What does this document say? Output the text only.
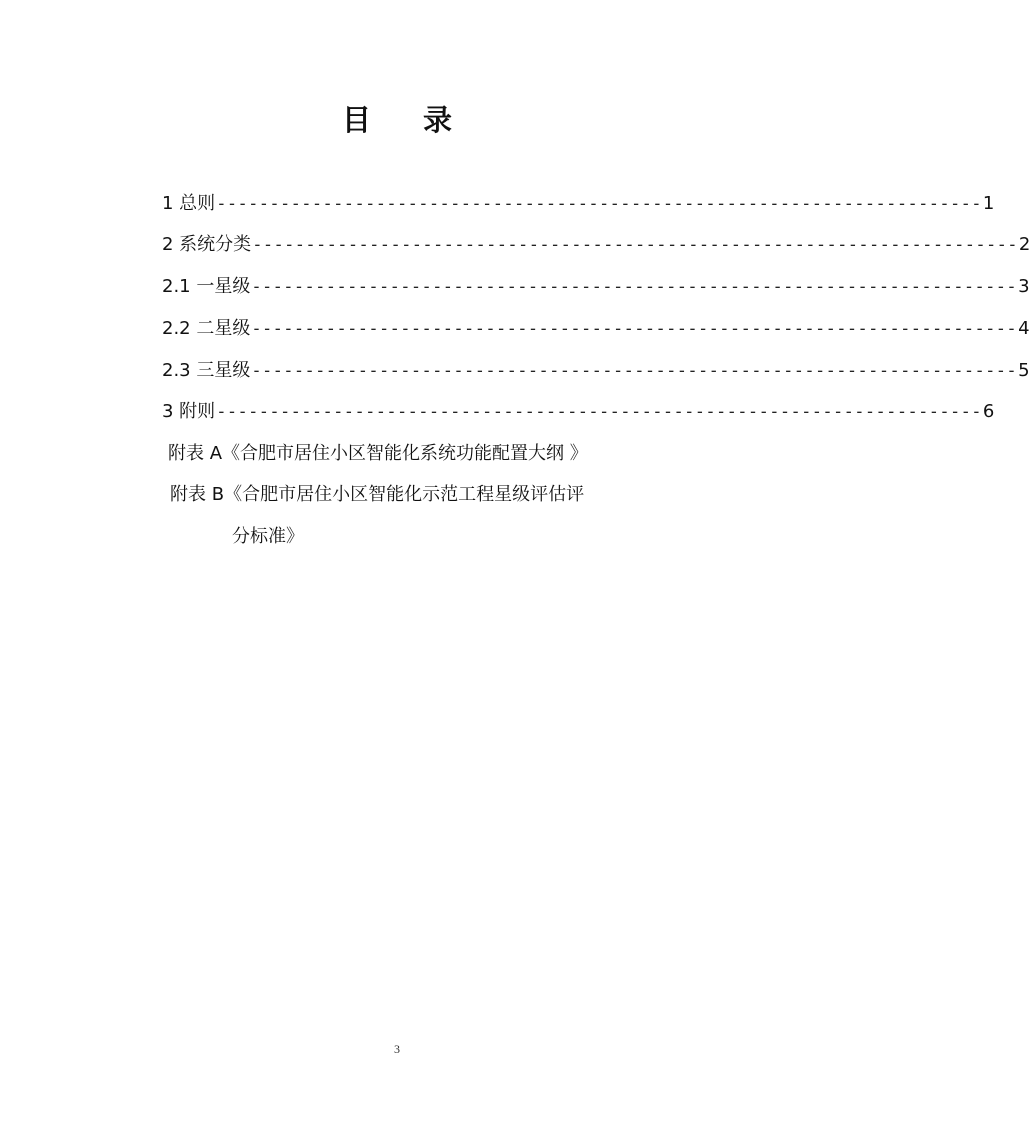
目 录
1 总则 ------------------------------------------------------------------------ 1
2 系统分类 ------------------------------------------------------------------------ 2
2.1 一星级 ------------------------------------------------------------------------ 3
2.2 二星级 ------------------------------------------------------------------------ 4
2.3 三星级 ------------------------------------------------------------------------ 5
3 附则 ------------------------------------------------------------------------ 6
附表 A《合肥市居住小区智能化系统功能配置大纲 》
附表 B《合肥市居住小区智能化示范工程星级评估评
分标准》
3
